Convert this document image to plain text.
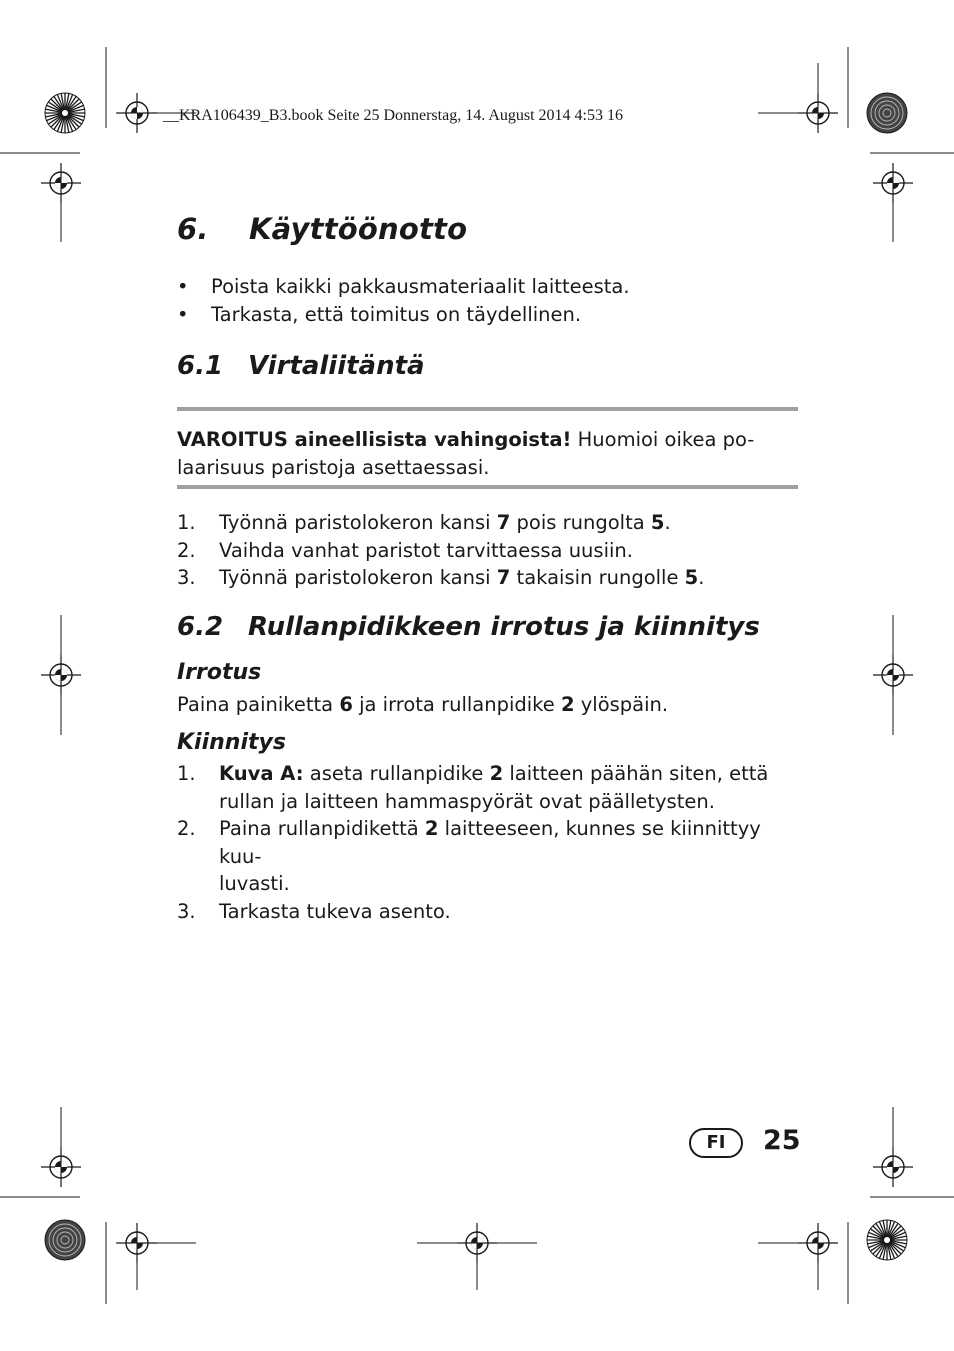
__KRA106439_B3.book Seite 25 Donnerstag, 14. August 2014 4:53 16
6. Käyttöönotto
• Poista kaikki pakkausmateriaalit laitteesta.
• Tarkasta, että toimitus on täydellinen.
6.1 Virtaliitäntä
VAROITUS aineellisista vahingoista! Huomioi oikea po-
laarisuus paristoja asettaessasi.
1. Työnnä paristolokeron kansi 7 pois rungolta 5.
2. Vaihda vanhat paristot tarvittaessa uusiin.
3. Työnnä paristolokeron kansi 7 takaisin rungolle 5.
6.2 Rullanpidikkeen irrotus ja kiinnitys
Irrotus
Paina painiketta 6 ja irrota rullanpidike 2 ylöspäin.
Kiinnitys
1. Kuva A: aseta rullanpidike 2 laitteen päähän siten, että
rullan ja laitteen hammaspyörät ovat päälletysten.
2. Paina rullanpidikettä 2 laitteeseen, kunnes se kiinnittyy kuu-
luvasti.
3. Tarkasta tukeva asento.
FI	25
